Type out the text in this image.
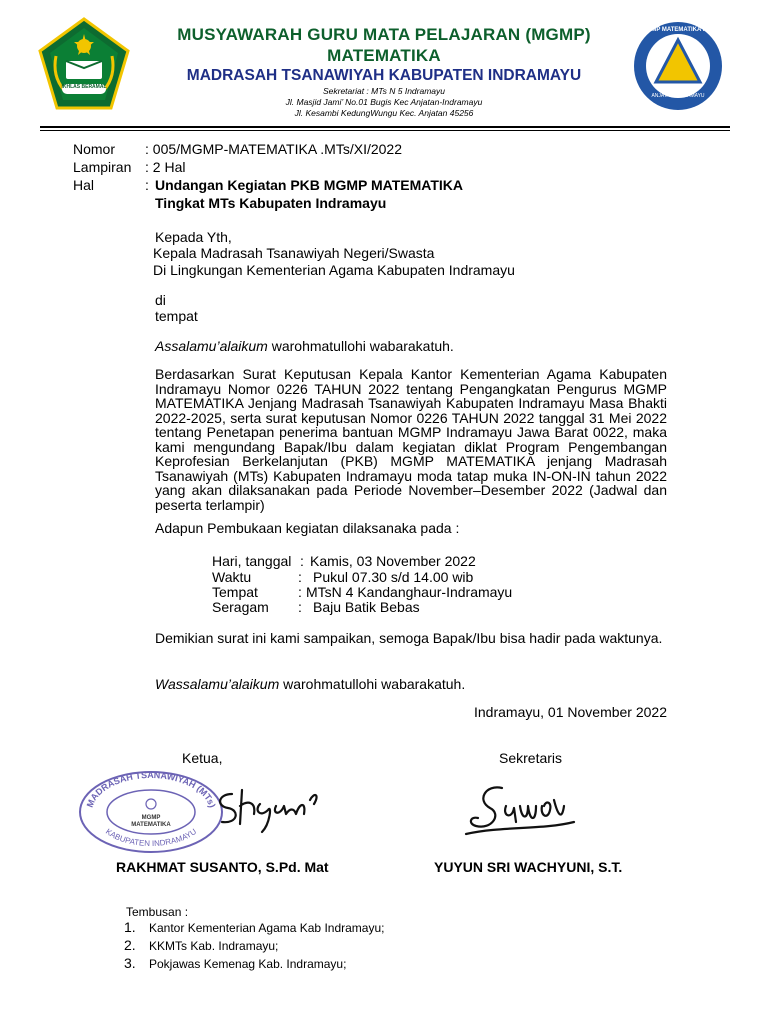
IKHLAS BERAMAL
MGMP MATEMATIKA MTs
ANJATAN INDRAMAYU
MUSYAWARAH GURU MATA PELAJARAN (MGMP)
MATEMATIKA
MADRASAH TSANAWIYAH KABUPATEN INDRAMAYU
Sekretariat : MTs N 5 Indramayu
Jl. Masjid Jami’ No.01 Bugis Kec Anjatan-Indramayu
Jl. Kesambi KedungWungu Kec. Anjatan 45256
Nomor : 005/MGMP-MATEMATIKA .MTs/XI/2022
Lampiran : 2 Hal
Hal	: Undangan Kegiatan PKB MGMP MATEMATIKA
Tingkat MTs Kabupaten Indramayu
Kepada Yth,
Kepala Madrasah Tsanawiyah Negeri/Swasta
Di Lingkungan Kementerian Agama Kabupaten Indramayu
di
tempat
Assalamu’alaikum warohmatullohi wabarakatuh.
Berdasarkan Surat Keputusan Kepala Kantor Kementerian Agama Kabupaten Indramayu Nomor 0226 TAHUN 2022 tentang Pengangkatan Pengurus MGMP MATEMATIKA Jenjang Madrasah Tsanawiyah Kabupaten Indramayu Masa Bhakti 2022-2025, serta surat keputusan Nomor 0226 TAHUN 2022 tanggal 31 Mei 2022 tentang Penetapan penerima bantuan MGMP Indramayu Jawa Barat 0022, maka kami mengundang Bapak/Ibu dalam kegiatan diklat Program Pengembangan Keprofesian Berkelanjutan (PKB) MGMP MATEMATIKA jenjang Madrasah Tsanawiyah (MTs) Kabupaten Indramayu moda tatap muka IN-ON-IN tahun 2022 yang akan dilaksanakan pada Periode November–Desember 2022 (Jadwal dan peserta terlampir)
Adapun Pembukaan kegiatan dilaksanaka pada :
Hari, tanggal : Kamis, 03 November 2022
Waktu	: Pukul 07.30 s/d 14.00 wib
Tempat	: MTsN 4 Kandanghaur-Indramayu
Seragam : Baju Batik Bebas
Demikian surat ini kami sampaikan, semoga Bapak/Ibu bisa hadir pada waktunya.
Wassalamu’alaikum warohmatullohi wabarakatuh.
Indramayu, 01 November 2022
Ketua,	Sekretaris
MADRASAH TSANAWIYAH (MTs)
KABUPATEN INDRAMAYU
MGMP
MATEMATIKA
RAKHMAT SUSANTO, S.Pd. Mat	YUYUN SRI WACHYUNI, S.T.
Tembusan :
1. Kantor Kementerian Agama Kab Indramayu;
2. KKMTs Kab. Indramayu;
3. Pokjawas Kemenag Kab. Indramayu;
